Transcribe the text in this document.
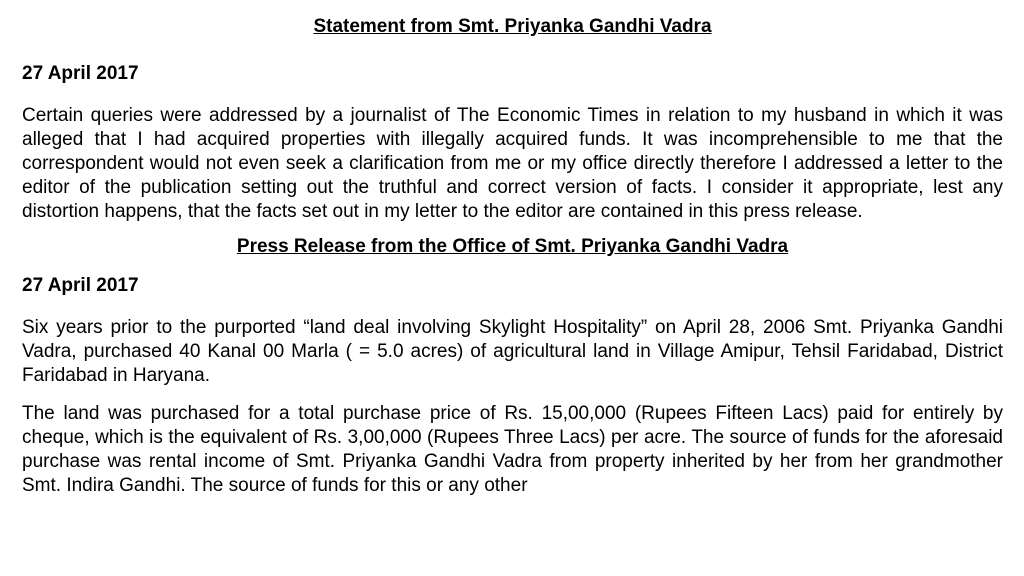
Statement from Smt. Priyanka Gandhi Vadra

27 April 2017

Certain queries were addressed by a journalist of The Economic Times in relation to my husband in which it was alleged that I had acquired properties with illegally acquired funds. It was incomprehensible to me that the correspondent would not even seek a clarification from me or my office directly therefore I addressed a letter to the editor of the publication setting out the truthful and correct version of facts. I consider it appropriate, lest any distortion happens, that the facts set out in my letter to the editor are contained in this press release.

Press Release from the Office of Smt. Priyanka Gandhi Vadra

27 April 2017

Six years prior to the purported “land deal involving Skylight Hospitality” on April 28, 2006 Smt. Priyanka Gandhi Vadra, purchased 40 Kanal 00 Marla ( = 5.0 acres) of agricultural land in Village Amipur, Tehsil Faridabad, District Faridabad in Haryana.

The land was purchased for a total purchase price of Rs. 15,00,000 (Rupees Fifteen Lacs) paid for entirely by cheque, which is the equivalent of Rs. 3,00,000 (Rupees Three Lacs) per acre. The source of funds for the aforesaid purchase was rental income of Smt. Priyanka Gandhi Vadra from property inherited by her from her grandmother Smt. Indira Gandhi. The source of funds for this or any other
